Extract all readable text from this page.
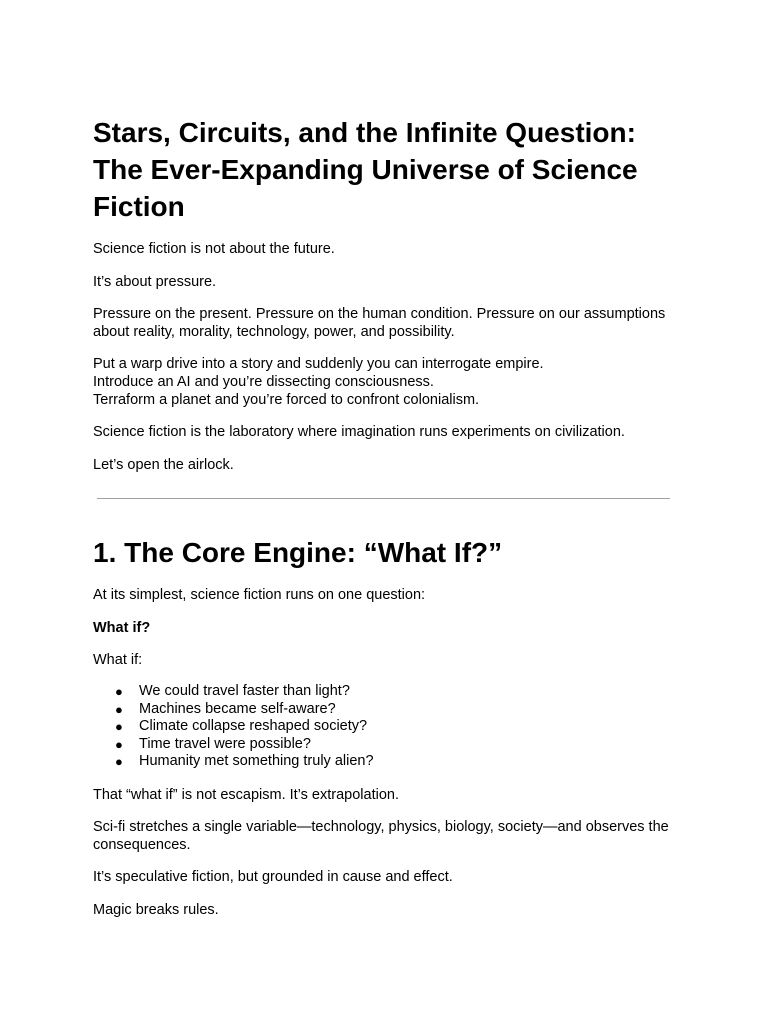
Stars, Circuits, and the Infinite Question: The Ever-Expanding Universe of Science Fiction

Science fiction is not about the future.

It’s about pressure.

Pressure on the present. Pressure on the human condition. Pressure on our assumptions about reality, morality, technology, power, and possibility.

Put a warp drive into a story and suddenly you can interrogate empire.

Introduce an AI and you’re dissecting consciousness.

Terraform a planet and you’re forced to confront colonialism.

Science fiction is the laboratory where imagination runs experiments on civilization.

Let’s open the airlock.

1. The Core Engine: “What If?”

At its simplest, science fiction runs on one question:

What if?

What if:

● We could travel faster than light?
● Machines became self-aware?
● Climate collapse reshaped society?
● Time travel were possible?
● Humanity met something truly alien?

That “what if” is not escapism. It’s extrapolation.

Sci-fi stretches a single variable—technology, physics, biology, society—and observes the consequences.

It’s speculative fiction, but grounded in cause and effect.

Magic breaks rules.
